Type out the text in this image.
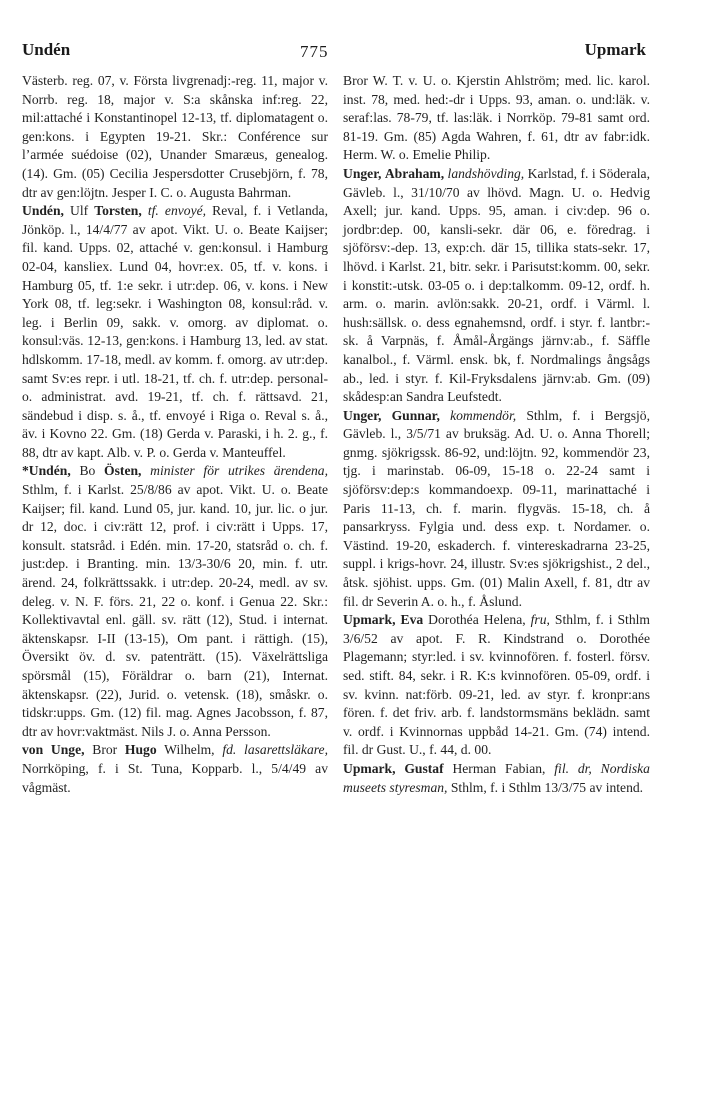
Undén	775	Upmark

Västerb. reg. 07, v. Första livgrenadj:-reg. 11, major v. Norrb. reg. 18, major v. S:a skånska inf:reg. 22, mil:attaché i Konstantinopel 12-13, tf. diplomatagent o. gen:kons. i Egypten 19-21. Skr.: Conférence sur l’armée suédoise (02), Unander Smaræus, genealog. (14). Gm. (05) Cecilia Jespersdotter Crusebjörn, f. 78, dtr av gen:löjtn. Jesper I. C. o. Augusta Bahrman.

Undén, Ulf Torsten, tf. envoyé, Reval, f. i Vetlanda, Jönköp. l., 14/4/77 av apot. Vikt. U. o. Beate Kaijser; fil. kand. Upps. 02, attaché v. gen:konsul. i Hamburg 02-04, kansliex. Lund 04, hovr:ex. 05, tf. v. kons. i Hamburg 05, tf. 1:e sekr. i utr:dep. 06, v. kons. i New York 08, tf. leg:sekr. i Washington 08, konsul:råd. v. leg. i Berlin 09, sakk. v. omorg. av diplomat. o. konsul:väs. 12-13, gen:kons. i Hamburg 13, led. av stat. hdlskomm. 17-18, medl. av komm. f. omorg. av utr:dep. samt Sv:es repr. i utl. 18-21, tf. ch. f. utr:dep. personal- o. administrat. avd. 19-21, tf. ch. f. rättsavd. 21, sändebud i disp. s. å., tf. envoyé i Riga o. Reval s. å., äv. i Kovno 22. Gm. (18) Gerda v. Paraski, i h. 2. g., f. 88, dtr av kapt. Alb. v. P. o. Gerda v. Manteuffel.

*Undén, Bo Östen, minister för utrikes ärendena, Sthlm, f. i Karlst. 25/8/86 av apot. Vikt. U. o. Beate Kaijser; fil. kand. Lund 05, jur. kand. 10, jur. lic. o jur. dr 12, doc. i civ:rätt 12, prof. i civ:rätt i Upps. 17, konsult. statsråd. i Edén. min. 17-20, statsråd o. ch. f. just:dep. i Branting. min. 13/3-30/6 20, min. f. utr. ärend. 24, folkrättssakk. i utr:dep. 20-24, medl. av sv. deleg. v. N. F. förs. 21, 22 o. konf. i Genua 22. Skr.: Kollektivavtal enl. gäll. sv. rätt (12), Stud. i internat. äktenskapsr. I-II (13-15), Om pant. i rättigh. (15), Översikt öv. d. sv. patenträtt. (15). Växelrättsliga spörsmål (15), Föräldrar o. barn (21), Internat. äktenskapsr. (22), Jurid. o. vetensk. (18), småskr. o. tidskr:upps. Gm. (12) fil. mag. Agnes Jacobsson, f. 87, dtr av hovr:vaktmäst. Nils J. o. Anna Persson.

von Unge, Bror Hugo Wilhelm, fd. lasarettsläkare, Norrköping, f. i St. Tuna, Kopparb. l., 5/4/49 av vågmäst.

Bror W. T. v. U. o. Kjerstin Ahlström; med. lic. karol. inst. 78, med. hed:-dr i Upps. 93, aman. o. und:läk. v. seraf:las. 78-79, tf. las:läk. i Norrköp. 79-81 samt ord. 81-19. Gm. (85) Agda Wahren, f. 61, dtr av fabr:idk. Herm. W. o. Emelie Philip.

Unger, Abraham, landshövding, Karlstad, f. i Söderala, Gävleb. l., 31/10/70 av lhövd. Magn. U. o. Hedvig Axell; jur. kand. Upps. 95, aman. i civ:dep. 96 o. jordbr:dep. 00, kansli-sekr. där 06, e. föredrag. i sjöförsv:-dep. 13, exp:ch. där 15, tillika stats-sekr. 17, lhövd. i Karlst. 21, bitr. sekr. i Parisutst:komm. 00, sekr. i konstit:-utsk. 03-05 o. i dep:talkomm. 09-12, ordf. h. arm. o. marin. avlön:sakk. 20-21, ordf. i Värml. l. hush:sällsk. o. dess egnahemsnd, ordf. i styr. f. lantbr:-sk. å Varpnäs, f. Åmål-Årgängs järnv:ab., f. Säffle kanalbol., f. Värml. ensk. bk, f. Nordmalings ångsågs ab., led. i styr. f. Kil-Fryksdalens järnv:ab. Gm. (09) skådesp:an Sandra Leufstedt.

Unger, Gunnar, kommendör, Sthlm, f. i Bergsjö, Gävleb. l., 3/5/71 av bruksäg. Ad. U. o. Anna Thorell; gnmg. sjökrigssk. 86-92, und:löjtn. 92, kommendör 23, tjg. i marinstab. 06-09, 15-18 o. 22-24 samt i sjöförsv:dep:s kommandoexp. 09-11, marinattaché i Paris 11-13, ch. f. marin. flygväs. 15-18, ch. å pansarkryss. Fylgia und. dess exp. t. Nordamer. o. Västind. 19-20, eskaderch. f. vintereskadrarna 23-25, suppl. i krigs-hovr. 24, illustr. Sv:es sjökrigshist., 2 del., åtsk. sjöhist. upps. Gm. (01) Malin Axell, f. 81, dtr av fil. dr Severin A. o. h., f. Åslund.

Upmark, Eva Dorothéa Helena, fru, Sthlm, f. i Sthlm 3/6/52 av apot. F. R. Kindstrand o. Dorothée Plagemann; styr:led. i sv. kvinnofören. f. fosterl. försv. sed. stift. 84, sekr. i R. K:s kvinnofören. 05-09, ordf. i sv. kvinn. nat:förb. 09-21, led. av styr. f. kronpr:ans fören. f. det friv. arb. f. landstormsmäns beklädn. samt v. ordf. i Kvinnornas uppbåd 14-21. Gm. (74) intend. fil. dr Gust. U., f. 44, d. 00.

Upmark, Gustaf Herman Fabian, fil. dr, Nordiska museets styresman, Sthlm, f. i Sthlm 13/3/75 av intend.
